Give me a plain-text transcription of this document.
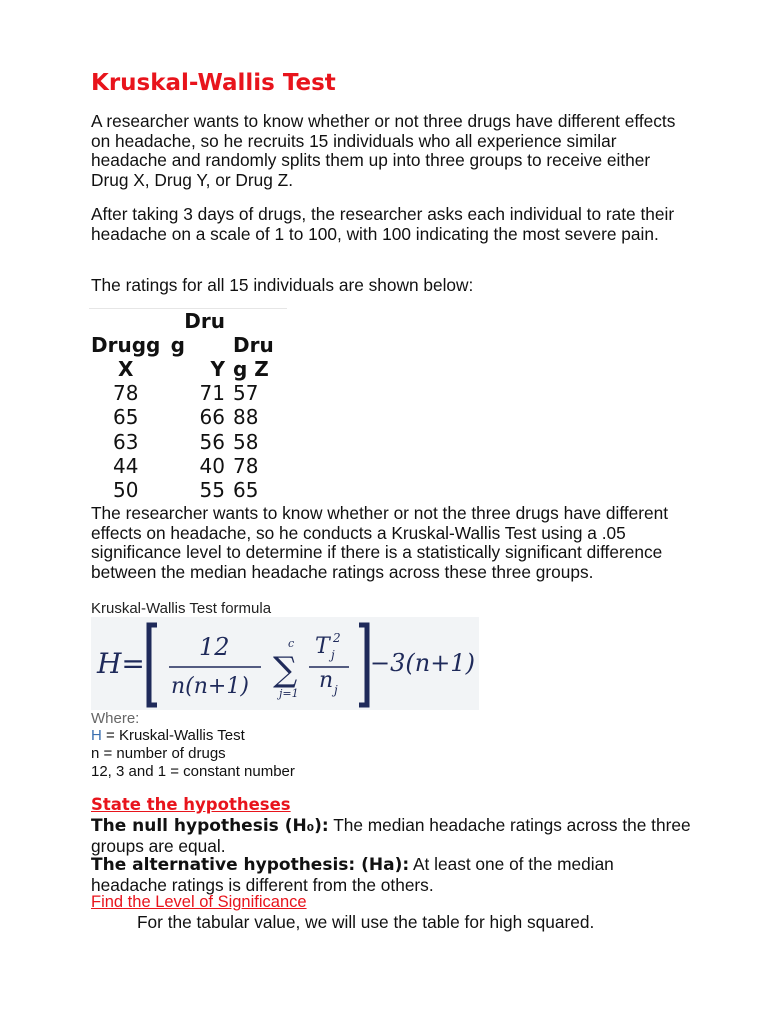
Kruskal-Wallis Test

A researcher wants to know whether or not three drugs have different effects on headache, so he recruits 15 individuals who all experience similar headache and randomly splits them up into three groups to receive either Drug X, Drug Y, or Drug Z.

After taking 3 days of drugs, the researcher asks each individual to rate their headache on a scale of 1 to 100, with 100 indicating the most severe pain.

The ratings for all 15 individuals are shown below:

Drugg
X	Dru
g
Y	Dru
g Z
78	71	57
65	66	88
63	56	58
44	40	78
50	55	65

The researcher wants to know whether or not the three drugs have different effects on headache, so he conducts a Kruskal-Wallis Test using a .05 significance level to determine if there is a statistically significant difference between the median headache ratings across these three groups.

Kruskal-Wallis Test formula

H= 12
n(n+1)
c
∑
j=1
T 2
j
n j
−3(n+1)

Where:

H = Kruskal-Wallis Test

n = number of drugs

12, 3 and 1 = constant number

State the hypotheses

The null hypothesis (H₀): The median headache ratings across the three groups are equal.

The alternative hypothesis: (Ha): At least one of the median headache ratings is different from the others.

Find the Level of Significance

For the tabular value, we will use the table for high squared.
